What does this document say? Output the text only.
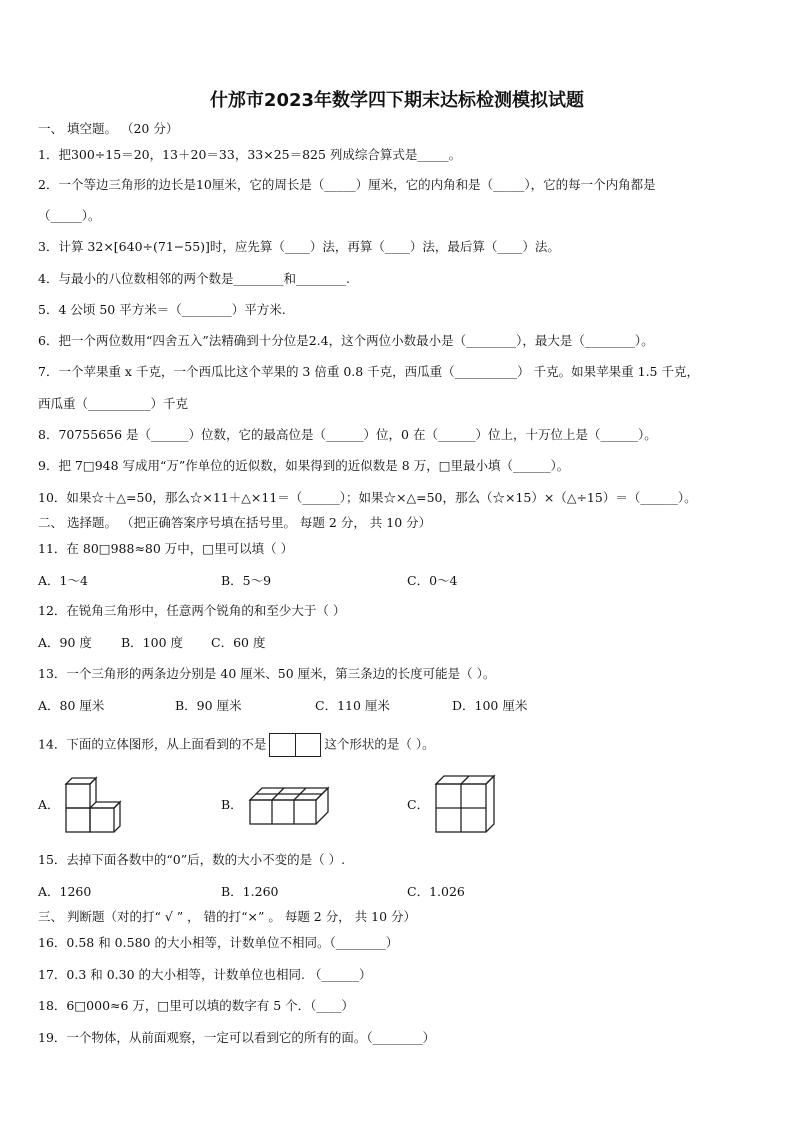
什邡市2023年数学四下期末达标检测模拟试题
一、 填空题。 （20 分）
1．把300÷15＝20，13＋20＝33，33×25＝825 列成综合算式是_____。
2．一个等边三角形的边长是10厘米，它的周长是（_____）厘米，它的内角和是（_____），它的每一个内角都是
（_____）。
3．计算 32×[640÷(71−55)]时，应先算（____）法，再算（____）法，最后算（____）法。
4．与最小的八位数相邻的两个数是________和________.
5．4 公顷 50 平方米＝（________）平方米.
6．把一个两位数用“四舍五入”法精确到十分位是2.4，这个两位小数最小是（________），最大是（________）。
7．一个苹果重 x 千克，一个西瓜比这个苹果的 3 倍重 0.8 千克，西瓜重（__________） 千克。如果苹果重 1.5 千克，
西瓜重（__________）千克
8．70755656 是（______）位数，它的最高位是（______）位，0 在（______）位上，十万位上是（______）。
9．把 7□948 写成用“万”作单位的近似数，如果得到的近似数是 8 万，□里最小填（______）。
10．如果☆＋△=50，那么☆×11＋△×11＝（______）；如果☆×△=50，那么（☆×15）×（△÷15）＝（______）。
二、 选择题。 （把正确答案序号填在括号里。 每题 2 分， 共 10 分）
11．在 80□988≈80 万中，□里可以填（ ）
A．1～4	B．5～9	C．0～4
12．在锐角三角形中，任意两个锐角的和至少大于（ ）
A．90 度 B．100 度 C．60 度
13．一个三角形的两条边分别是 40 厘米、50 厘米，第三条边的长度可能是（ ）。
A．80 厘米	B．90 厘米	C．110 厘米	D．100 厘米
14．下面的立体图形，从上面看到的不是	这个形状的是（ ）。
A．	B．	C．
15．去掉下面各数中的“0”后，数的大小不变的是（ ）.
A．1260	B．1.260	C．1.026
三、 判断题（对的打“ √ ” ， 错的打“×” 。 每题 2 分， 共 10 分）
16．0.58 和 0.580 的大小相等，计数单位不相同。（________）
17．0.3 和 0.30 的大小相等，计数单位也相同. （______）
18．6□000≈6 万，□里可以填的数字有 5 个．（____）
19．一个物体，从前面观察，一定可以看到它的所有的面。（________）
